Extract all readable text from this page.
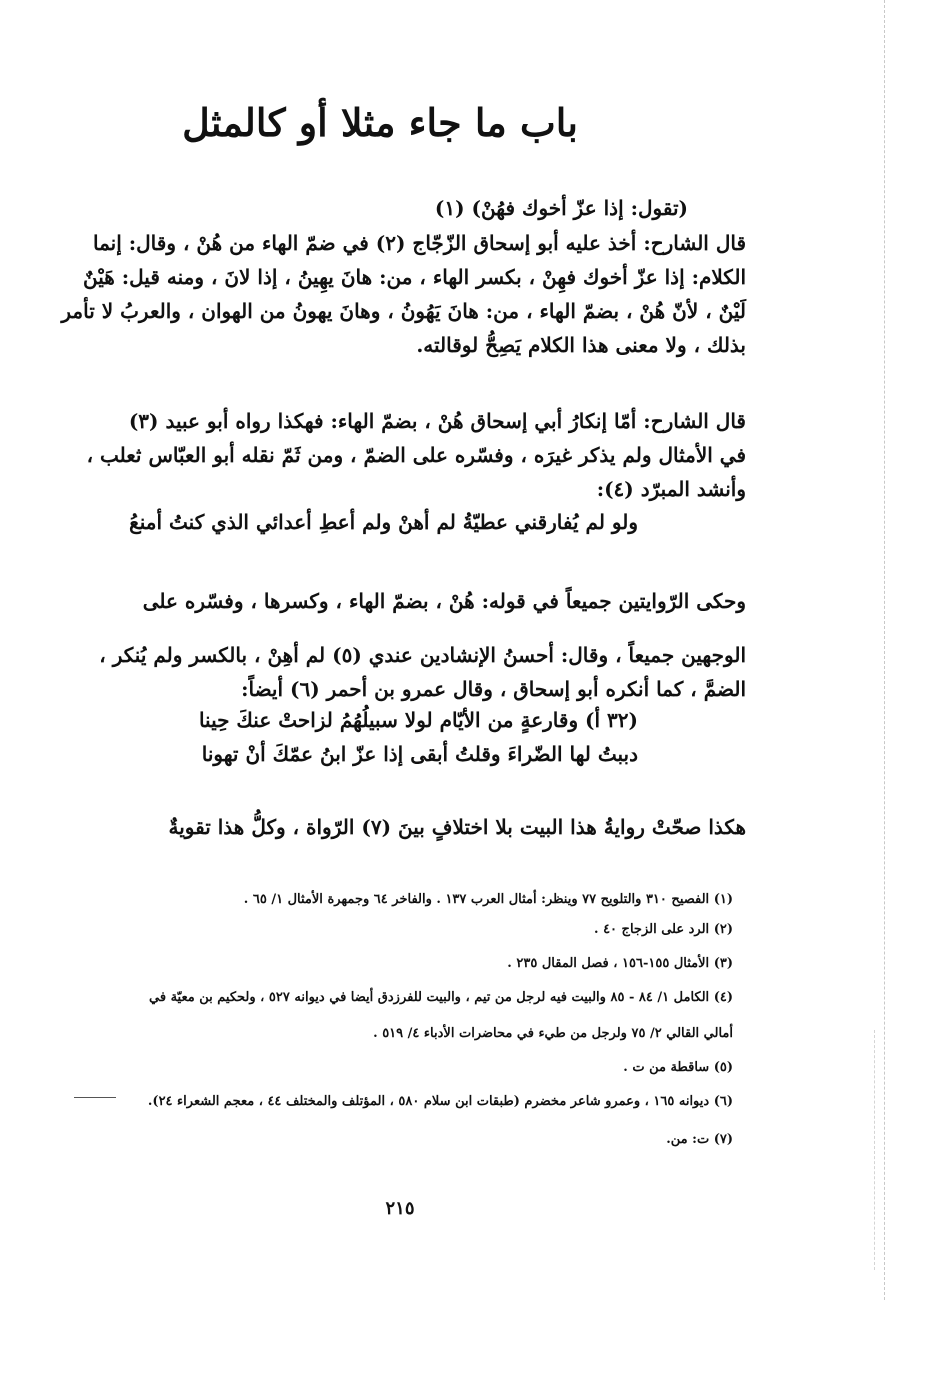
باب ما جاء مثلا أو كالمثل
(تقول: إذا عزّ أخوك فهُنْ) (١)
قال الشارح: أخذ عليه أبو إسحاق الزّجّاج (٢) في ضمّ الهاء من هُنْ ، وقال: إنما
الكلام: إذا عزّ أخوك فهِنْ ، بكسر الهاء ، من: هانَ يهِينُ ، إذا لانَ ، ومنه قيل: هَيْنٌ
لَيْنٌ ، لأنّ هُنْ ، بضمّ الهاء ، من: هانَ يَهُونُ ، وهانَ يهونُ من الهوان ، والعربُ لا تأمر
بذلك ، ولا معنى هذا الكلام يَصِحُّ لوقالته.
قال الشارح: أمّا إنكارُ أبي إسحاق هُنْ ، بضمّ الهاء: فهكذا رواه أبو عبيد (٣)
في الأمثال ولم يذكر غيرَه ، وفسّره على الضمّ ، ومن ثَمّ نقله أبو العبّاس ثعلب ،
وأنشد المبرّد (٤):
ولو لم يُفارقني عطيّةُ لم أهنْ ولم أعطِ أعدائي الذي كنتُ أمنعُ
وحكى الرّوايتين جميعاً في قوله: هُنْ ، بضمّ الهاء ، وكسرها ، وفسّره على
الوجهين جميعاً ، وقال: أحسنُ الإنشادين عندي (٥) لم أهِنْ ، بالكسر ولم يُنكر ،
الضمَّ ، كما أنكره أبو إسحاق ، وقال عمرو بن أحمر (٦) أيضاً:
(٣٢ أ) وقارعةٍ من الأيّام لولا سبيلُهُمُ لزاحتْ عنكَ حِينا
دببتُ لها الضّراءَ وقلتُ أبقى إذا عزّ ابنُ عمّكَ أنْ تهونا
هكذا صحّتْ روايةُ هذا البيت بلا اختلافٍ بينَ (٧) الرّواة ، وكلُّ هذا تقويةٌ
(١) الفصيح ٣١٠ والتلويح ٧٧ وينظر: أمثال العرب ١٣٧ . والفاخر ٦٤ وجمهرة الأمثال ١/ ٦٥ .
(٢) الرد على الزجاج ٤٠ .
(٣) الأمثال ١٥٥-١٥٦ ، فصل المقال ٢٣٥ .
(٤) الكامل ١/ ٨٤ - ٨٥ والبيت فيه لرجل من تيم ، والبيت للفرزدق أيضا في ديوانه ٥٢٧ ، ولحكيم بن معيّة في
أمالي القالي ٢/ ٧٥ ولرجل من طيء في محاضرات الأدباء ٤/ ٥١٩ .
(٥) ساقطة من ت .
(٦) ديوانه ١٦٥ ، وعمرو شاعر مخضرم (طبقات ابن سلام ٥٨٠ ، المؤتلف والمختلف ٤٤ ، معجم الشعراء ٢٤).
(٧) ت: من.
٢١٥
